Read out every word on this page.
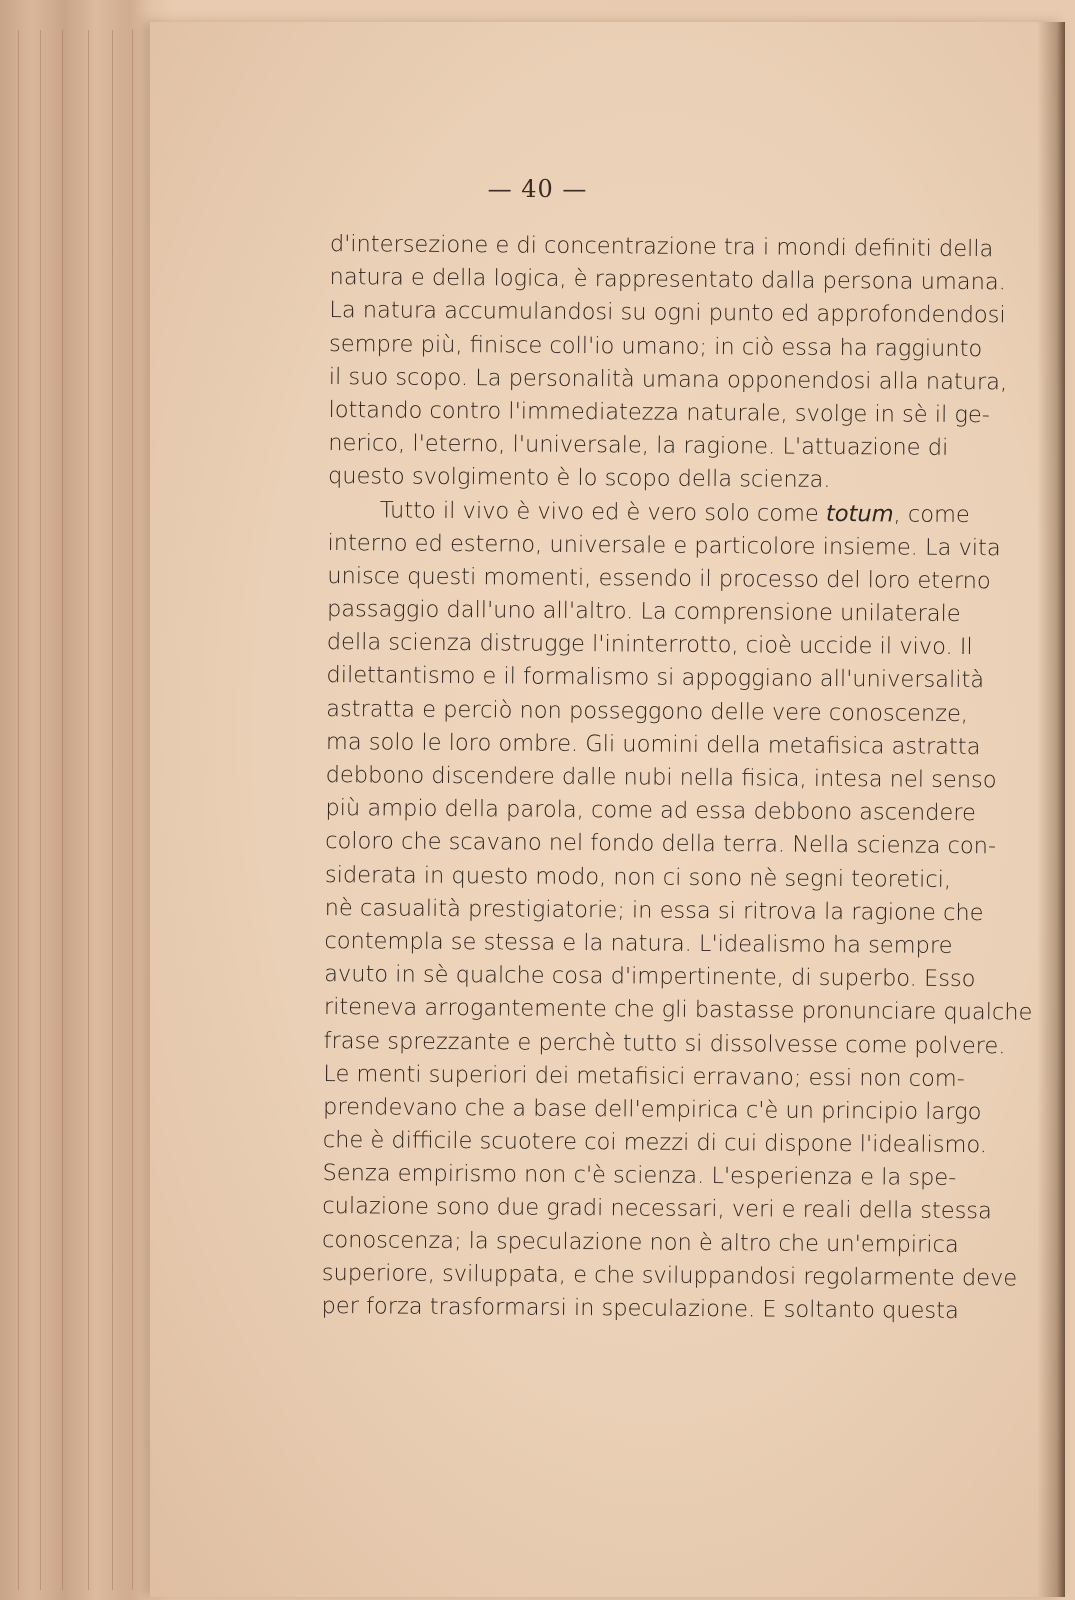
— 40 —
d'intersezione e di concentrazione tra i mondi definiti della
natura e della logica, è rappresentato dalla persona umana.
La natura accumulandosi su ogni punto ed approfondendosi
sempre più, finisce coll'io umano; in ciò essa ha raggiunto
il suo scopo. La personalità umana opponendosi alla natura,
lottando contro l'immediatezza naturale, svolge in sè il ge-
nerico, l'eterno, l'universale, la ragione. L'attuazione di
questo svolgimento è lo scopo della scienza.
Tutto il vivo è vivo ed è vero solo come totum, come
interno ed esterno, universale e particolore insieme. La vita
unisce questi momenti, essendo il processo del loro eterno
passaggio dall'uno all'altro. La comprensione unilaterale
della scienza distrugge l'ininterrotto, cioè uccide il vivo. Il
dilettantismo e il formalismo si appoggiano all'universalità
astratta e perciò non posseggono delle vere conoscenze,
ma solo le loro ombre. Gli uomini della metafisica astratta
debbono discendere dalle nubi nella fisica, intesa nel senso
più ampio della parola, come ad essa debbono ascendere
coloro che scavano nel fondo della terra. Nella scienza con-
siderata in questo modo, non ci sono nè segni teoretici,
nè casualità prestigiatorie; in essa si ritrova la ragione che
contempla se stessa e la natura. L'idealismo ha sempre
avuto in sè qualche cosa d'impertinente, di superbo. Esso
riteneva arrogantemente che gli bastasse pronunciare qualche
frase sprezzante e perchè tutto si dissolvesse come polvere.
Le menti superiori dei metafisici erravano; essi non com-
prendevano che a base dell'empirica c'è un principio largo
che è difficile scuotere coi mezzi di cui dispone l'idealismo.
Senza empirismo non c'è scienza. L'esperienza e la spe-
culazione sono due gradi necessari, veri e reali della stessa
conoscenza; la speculazione non è altro che un'empirica
superiore, sviluppata, e che sviluppandosi regolarmente deve
per forza trasformarsi in speculazione. E soltanto questa
